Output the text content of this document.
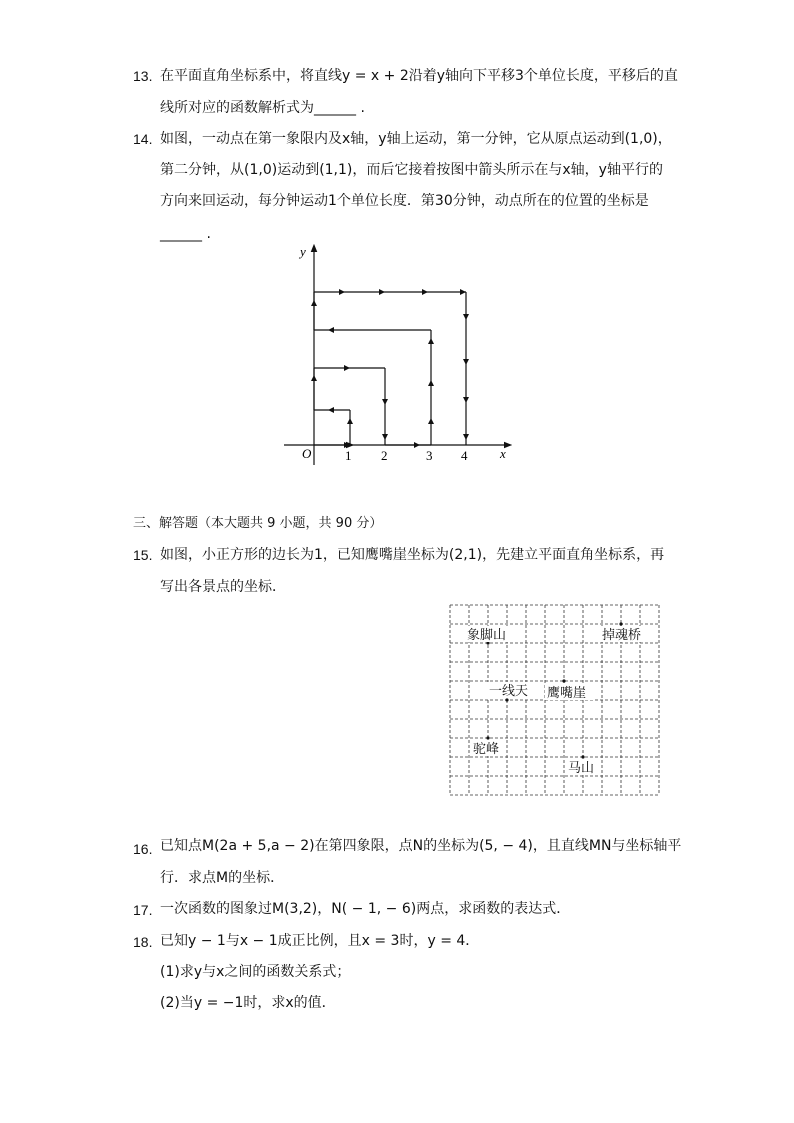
13. 在平面直角坐标系中，将直线y = x + 2沿着y轴向下平移3个单位长度，平移后的直
线所对应的函数解析式为______ .
14. 如图，一动点在第一象限内及x轴，y轴上运动，第一分钟，它从原点运动到(1,0)，
第二分钟，从(1,0)运动到(1,1)，而后它接着按图中箭头所示在与x轴，y轴平行的
方向来回运动，每分钟运动1个单位长度．第30分钟，动点所在的位置的坐标是
______ .
y
x
O	1 2	3 4
三、解答题（本大题共 9 小题，共 90 分）
15. 如图，小正方形的边长为1，已知鹰嘴崖坐标为(2,1)，先建立平面直角坐标系，再
写出各景点的坐标．
象脚山	掉魂桥
一线天 鹰嘴崖
驼峰
马山
16. 已知点M(2a + 5,a − 2)在第四象限，点N的坐标为(5, − 4)，且直线MN与坐标轴平
行．求点M的坐标．
17. 一次函数的图象过M(3,2)，N( − 1, − 6)两点，求函数的表达式．
18. 已知y − 1与x − 1成正比例，且x = 3时，y = 4．
(1)求y与x之间的函数关系式；
(2)当y = −1时，求x的值．
